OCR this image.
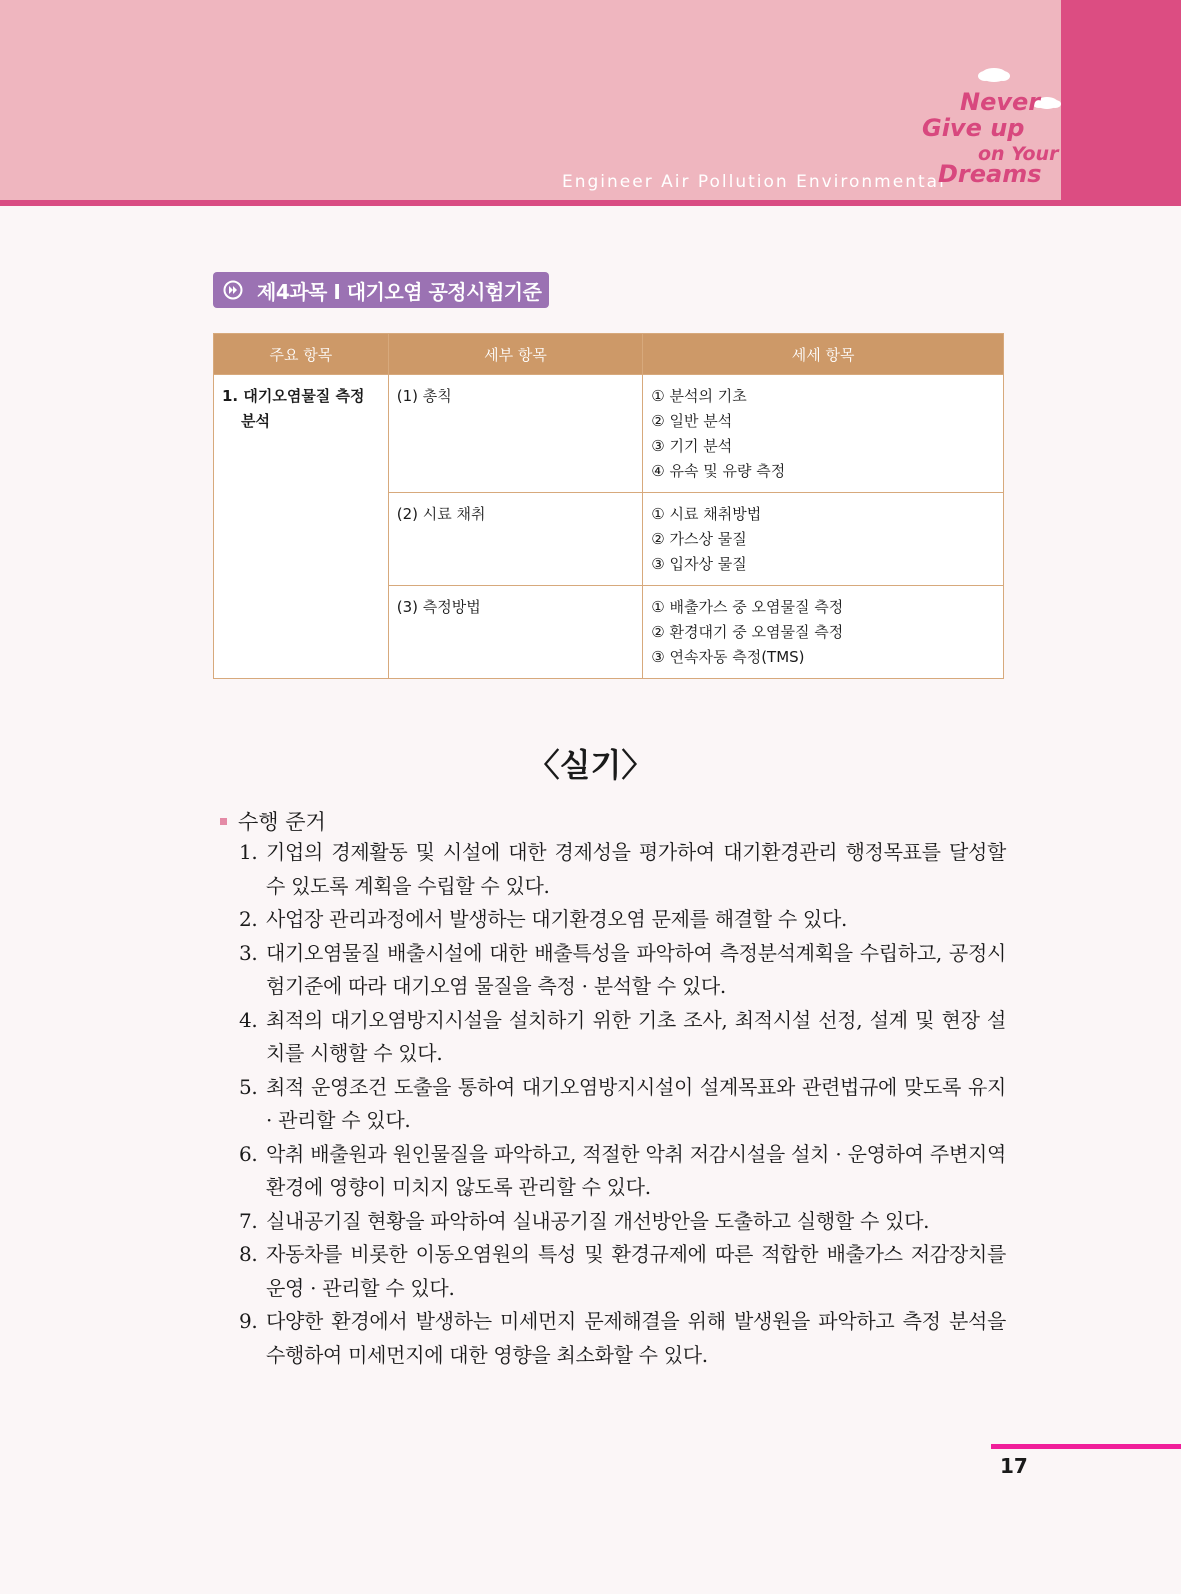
Engineer Air Pollution Environmental
Never
Give up
on Your
Dreams
제4과목 Ⅰ 대기오염 공정시험기준
주요 항목	세부 항목	세세 항목

1. 대기오염물질 측정
분석	(1) 총칙	① 분석의 기초
② 일반 분석
③ 기기 분석
④ 유속 및 유량 측정

	(2) 시료 채취	① 시료 채취방법
② 가스상 물질
③ 입자상 물질

	(3) 측정방법	① 배출가스 중 오염물질 측정
② 환경대기 중 오염물질 측정
③ 연속자동 측정(TMS)
〈실기〉
수행 준거
1. 기업의 경제활동 및 시설에 대한 경제성을 평가하여 대기환경관리 행정목표를 달성할 수 있도록 계획을 수립할 수 있다.
2. 사업장 관리과정에서 발생하는 대기환경오염 문제를 해결할 수 있다.
3. 대기오염물질 배출시설에 대한 배출특성을 파악하여 측정분석계획을 수립하고, 공정시험기준에 따라 대기오염 물질을 측정 · 분석할 수 있다.
4. 최적의 대기오염방지시설을 설치하기 위한 기초 조사, 최적시설 선정, 설계 및 현장 설치를 시행할 수 있다.
5. 최적 운영조건 도출을 통하여 대기오염방지시설이 설계목표와 관련법규에 맞도록 유지 · 관리할 수 있다.
6. 악취 배출원과 원인물질을 파악하고, 적절한 악취 저감시설을 설치 · 운영하여 주변지역 환경에 영향이 미치지 않도록 관리할 수 있다.
7. 실내공기질 현황을 파악하여 실내공기질 개선방안을 도출하고 실행할 수 있다.
8. 자동차를 비롯한 이동오염원의 특성 및 환경규제에 따른 적합한 배출가스 저감장치를 운영 · 관리할 수 있다.
9. 다양한 환경에서 발생하는 미세먼지 문제해결을 위해 발생원을 파악하고 측정 분석을 수행하여 미세먼지에 대한 영향을 최소화할 수 있다.
17
